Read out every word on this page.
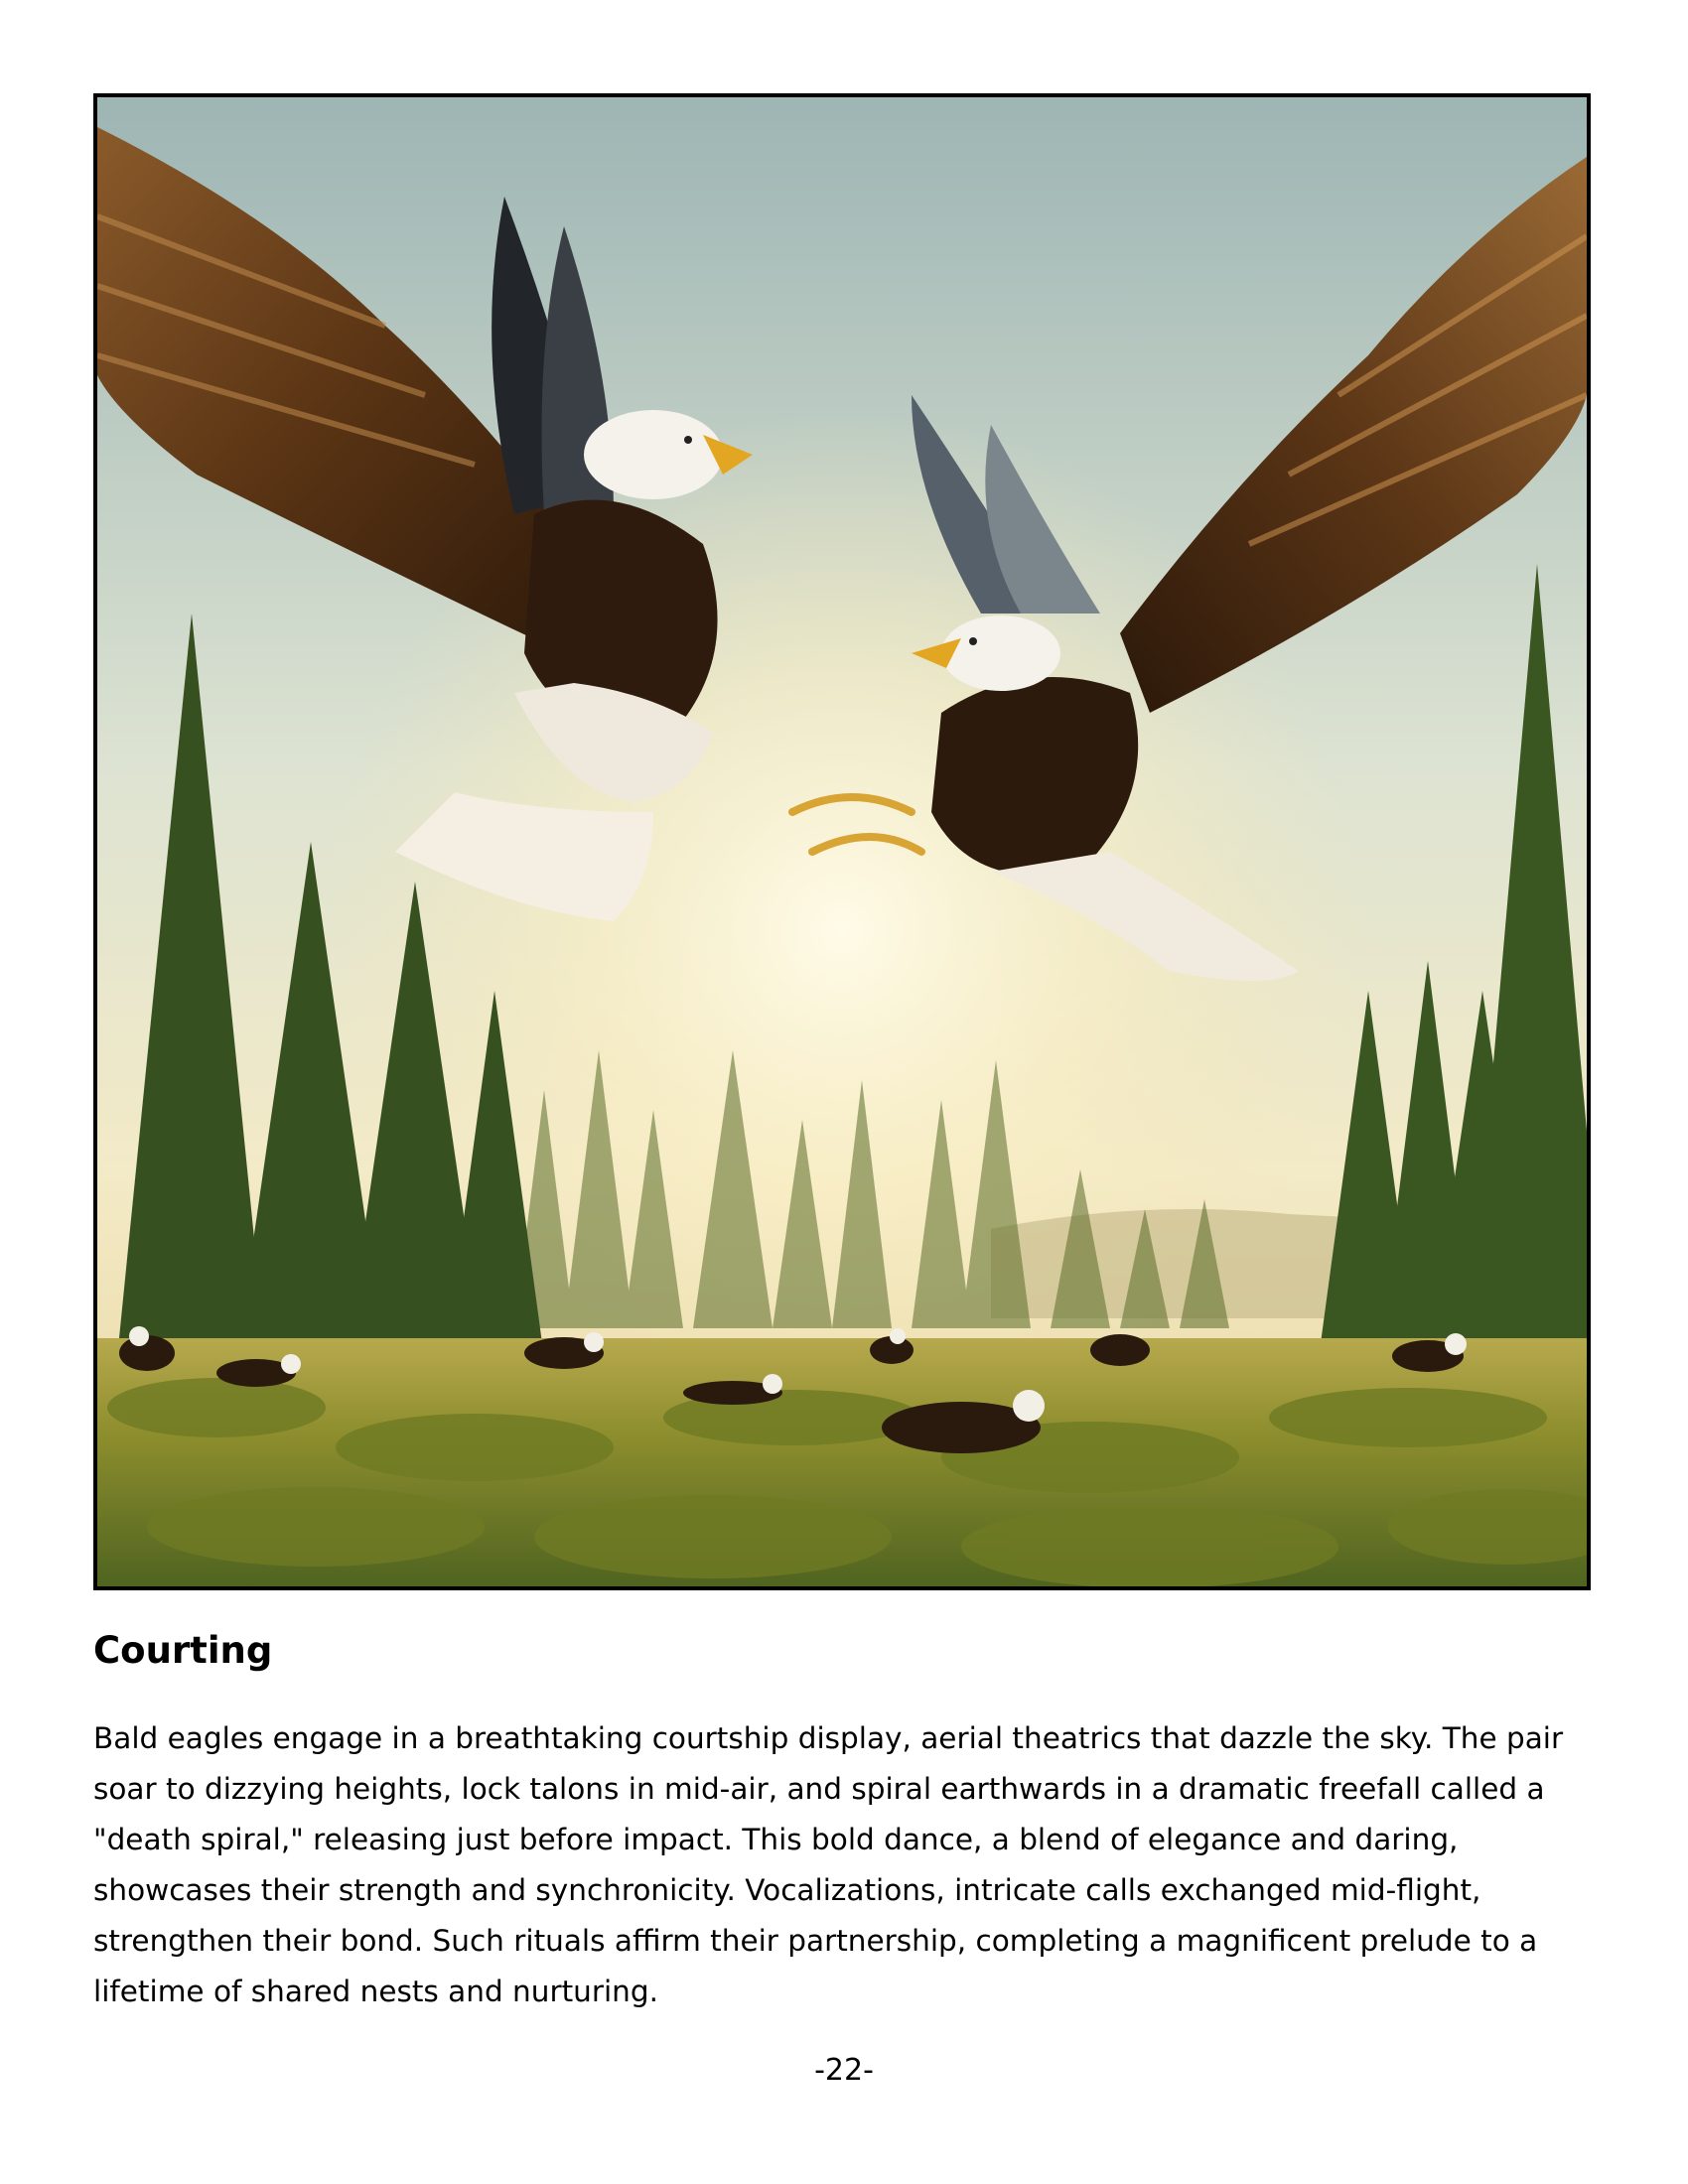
Courting
Bald eagles engage in a breathtaking courtship display, aerial theatrics that dazzle the sky. The pair
soar to dizzying heights, lock talons in mid-air, and spiral earthwards in a dramatic freefall called a
"death spiral," releasing just before impact. This bold dance, a blend of elegance and daring,
showcases their strength and synchronicity. Vocalizations, intricate calls exchanged mid-flight,
strengthen their bond. Such rituals affirm their partnership, completing a magnificent prelude to a
lifetime of shared nests and nurturing.
-22-
